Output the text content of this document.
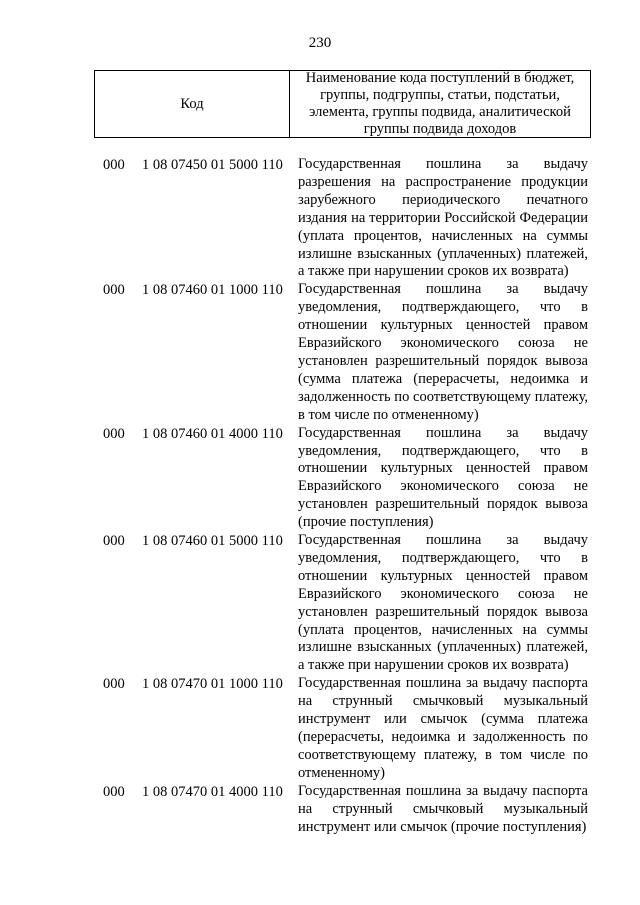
230
Код
Наименование кода поступлений в бюджет, группы, подгруппы, статьи, подстатьи, элемента, группы подвида, аналитической группы подвида доходов
000 1 08 07450 01 5000 110 Государственная пошлина за выдачу разрешения на распространение продукции зарубежного периодического печатного издания на территории Российской Федерации (уплата процентов, начисленных на суммы излишне взысканных (уплаченных) платежей, а также при нарушении сроков их возврата)
000 1 08 07460 01 1000 110 Государственная пошлина за выдачу уведомления, подтверждающего, что в отношении культурных ценностей правом Евразийского экономического союза не установлен разрешительный порядок вывоза (сумма платежа (перерасчеты, недоимка и задолженность по соответствующему платежу, в том числе по отмененному)
000 1 08 07460 01 4000 110 Государственная пошлина за выдачу уведомления, подтверждающего, что в отношении культурных ценностей правом Евразийского экономического союза не установлен разрешительный порядок вывоза (прочие поступления)
000 1 08 07460 01 5000 110 Государственная пошлина за выдачу уведомления, подтверждающего, что в отношении культурных ценностей правом Евразийского экономического союза не установлен разрешительный порядок вывоза (уплата процентов, начисленных на суммы излишне взысканных (уплаченных) платежей, а также при нарушении сроков их возврата)
000 1 08 07470 01 1000 110 Государственная пошлина за выдачу паспорта на струнный смычковый музыкальный инструмент или смычок (сумма платежа (перерасчеты, недоимка и задолженность по соответствующему платежу, в том числе по отмененному)
000 1 08 07470 01 4000 110 Государственная пошлина за выдачу паспорта на струнный смычковый музыкальный инструмент или смычок (прочие поступления)
